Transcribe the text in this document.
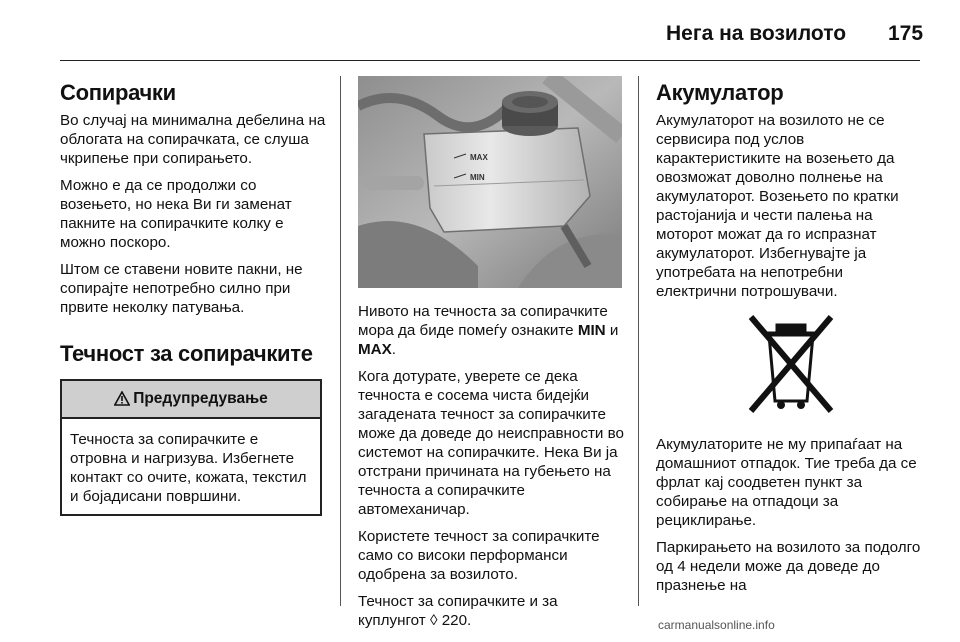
Нега на возилото 175
Сопирачки

Во случај на минимална дебелина на облогата на сопирачката, се слуша чкрипење при сопирањето.

Можно е да се продолжи со возењето, но нека Ви ги заменат пакните на сопирачките колку е можно поскоро.

Штом се ставени новите пакни, не сопирајте непотребно силно при првите неколку патувања.

Течност за сопирачките
Предупредување

Течноста за сопирачките е отровна и нагризува. Избегнете контакт со очите, кожата, текстил и бојадисани површини.

MAX
MIN

Нивото на течноста за сопирачките мора да биде помеѓу ознаките MIN и MAX.

Кога дотурате, уверете се дека течноста е сосема чиста бидејќи загадената течност за сопирачките може да доведе до неисправности во системот на сопирачките. Нека Ви ја отстрани причината на губењето на течноста а сопирачките автомеханичар.

Користете течност за сопирачките само со високи перформанси одобрена за возилото.

Течност за сопирачките и за куплунгот ◊ 220.

Акумулатор

Акумулаторот на возилото не се сервисира под услов карактеристиките на возењето да овозможат доволно полнење на акумулаторот. Возењето по кратки растојанија и чести палења на моторот можат да го испразнат акумулаторот. Избегнувајте ја употребата на непотребни електрични потрошувачи.

Акумулаторите не му припаѓаат на домашниот отпадок. Тие треба да се фрлат кај соодветен пункт за собирање на отпадоци за рециклирање.

Паркирањето на возилото за подолго од 4 недели може да доведе до празнење на

carmanualsonline.info
